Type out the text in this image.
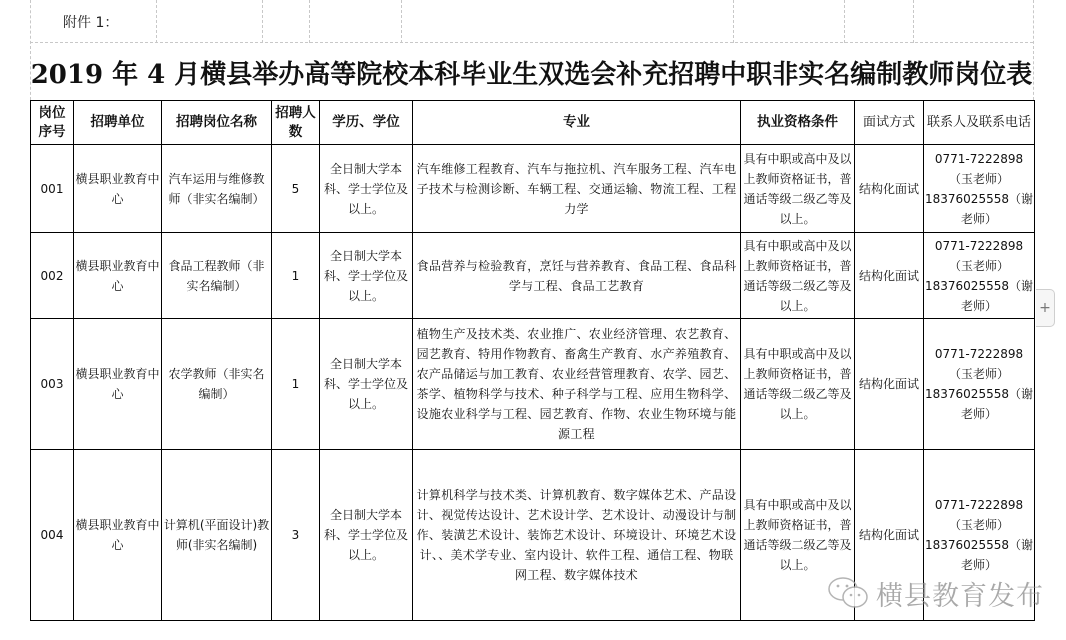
附件 1：
2019 年 4 月横县举办高等院校本科毕业生双选会补充招聘中职非实名编制教师岗位表
岗位序号	招聘单位	招聘岗位名称	招聘人数	学历、学位	专业	执业资格条件	面试方式	联系人及联系电话
001	横县职业教育中心	汽车运用与维修教师（非实名编制）	5	全日制大学本科、学士学位及以上。	汽车维修工程教育、汽车与拖拉机、汽车服务工程、汽车电子技术与检测诊断、车辆工程、交通运输、物流工程、工程力学	具有中职或高中及以上教师资格证书，普通话等级二级乙等及以上。	结构化面试	0771-7222898（玉老师）18376025558（谢老师）
002	横县职业教育中心	食品工程教师（非实名编制）	1	全日制大学本科、学士学位及以上。	食品营养与检验教育，烹饪与营养教育、食品工程、食品科学与工程、食品工艺教育	具有中职或高中及以上教师资格证书，普通话等级二级乙等及以上。	结构化面试	0771-7222898（玉老师）18376025558（谢老师）
003	横县职业教育中心	农学教师（非实名编制）	1	全日制大学本科、学士学位及以上。	植物生产及技术类、农业推广、农业经济管理、农艺教育、园艺教育、特用作物教育、畜禽生产教育、水产养殖教育、农产品储运与加工教育、农业经营管理教育、农学、园艺、茶学、植物科学与技术、种子科学与工程、应用生物科学、设施农业科学与工程、园艺教育、作物、农业生物环境与能源工程	具有中职或高中及以上教师资格证书，普通话等级二级乙等及以上。	结构化面试	0771-7222898（玉老师）18376025558（谢老师）
004	横县职业教育中心	计算机(平面设计)教师(非实名编制)	3	全日制大学本科、学士学位及以上。	计算机科学与技术类、计算机教育、数字媒体艺术、产品设计、视觉传达设计、艺术设计学、艺术设计、动漫设计与制作、装潢艺术设计、装饰艺术设计、环境设计、环境艺术设计、、美术学专业、室内设计、软件工程、通信工程、物联网工程、数字媒体技术	具有中职或高中及以上教师资格证书，普通话等级二级乙等及以上。	结构化面试	0771-7222898（玉老师）18376025558（谢老师）
+
横县教育发布
